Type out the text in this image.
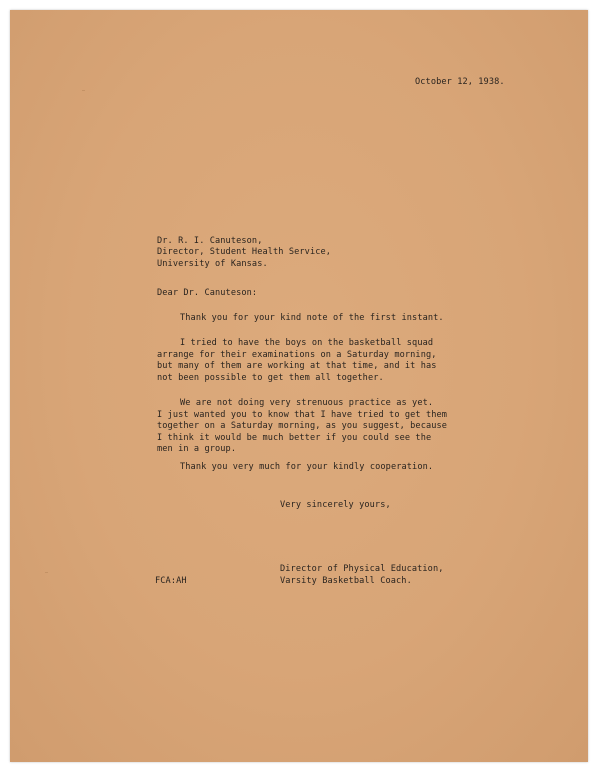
October 12, 1938.
Dr. R. I. Canuteson,
Director, Student Health Service,
University of Kansas.
Dear Dr. Canuteson:
Thank you for your kind note of the first instant.
I tried to have the boys on the basketball squad
arrange for their examinations on a Saturday morning,
but many of them are working at that time, and it has
not been possible to get them all together.
We are not doing very strenuous practice as yet.
I just wanted you to know that I have tried to get them
together on a Saturday morning, as you suggest, because
I think it would be much better if you could see the
men in a group.
Thank you very much for your kindly cooperation.
Very sincerely yours,
Director of Physical Education,
Varsity Basketball Coach.
FCA:AH
